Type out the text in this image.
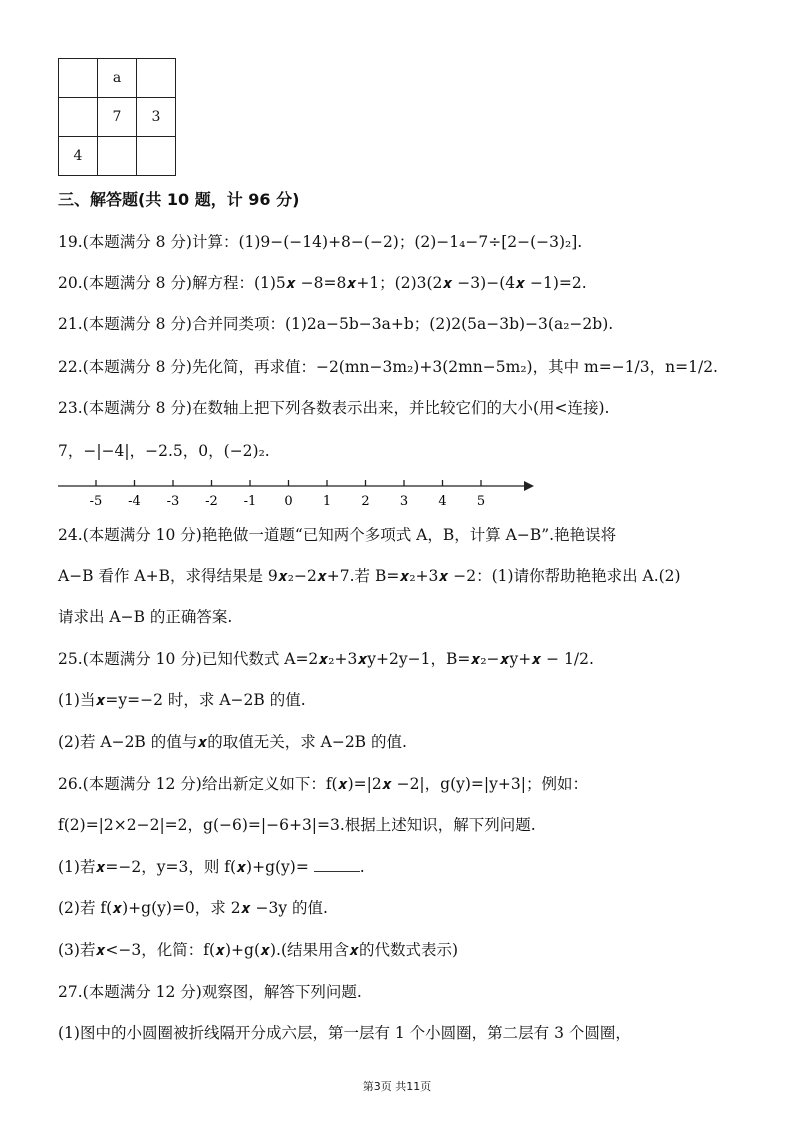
	a	
	7	3
4		
三、解答题(共 10 题，计 96 分)
19.(本题满分 8 分)计算：(1)9−(−14)+8−(−2)；(2)−1₄−7÷[2−(−3)₂].
20.(本题满分 8 分)解方程：(1)5𝒙 −8=8𝒙+1；(2)3(2𝒙 −3)−(4𝒙 −1)=2.
21.(本题满分 8 分)合并同类项：(1)2a−5b−3a+b；(2)2(5a−3b)−3(a₂−2b).
22.(本题满分 8 分)先化简，再求值：−2(mn−3m₂)+3(2mn−5m₂)，其中 m=−1/3，n=1/2.
23.(本题满分 8 分)在数轴上把下列各数表示出来，并比较它们的大小(用<连接).
7，−|−4|，−2.5，0，(−2)₂.
-5 -4 -3 -2 -1 0 1 2 3 4 5
24.(本题满分 10 分)艳艳做一道题“已知两个多项式 A，B，计算 A−B”.艳艳误将
A−B 看作 A+B，求得结果是 9𝒙₂−2𝒙+7.若 B=𝒙₂+3𝒙 −2：(1)请你帮助艳艳求出 A.(2)
请求出 A−B 的正确答案.
25.(本题满分 10 分)已知代数式 A=2𝒙₂+3𝒙y+2y−1，B=𝒙₂−𝒙y+𝒙 − 1/2.
(1)当𝒙=y=−2 时，求 A−2B 的值.
(2)若 A−2B 的值与𝒙的取值无关，求 A−2B 的值.
26.(本题满分 12 分)给出新定义如下：f(𝒙)=|2𝒙 −2|，g(y)=|y+3|；例如：
f(2)=|2×2−2|=2，g(−6)=|−6+3|=3.根据上述知识，解下列问题.
(1)若𝒙=−2，y=3，则 f(𝒙)+g(y)=	.
(2)若 f(𝒙)+g(y)=0，求 2𝒙 −3y 的值.
(3)若𝒙<−3，化简：f(𝒙)+g(𝒙).(结果用含𝒙的代数式表示)
27.(本题满分 12 分)观察图，解答下列问题.
(1)图中的小圆圈被折线隔开分成六层，第一层有 1 个小圆圈，第二层有 3 个圆圈，
第3页 共11页
